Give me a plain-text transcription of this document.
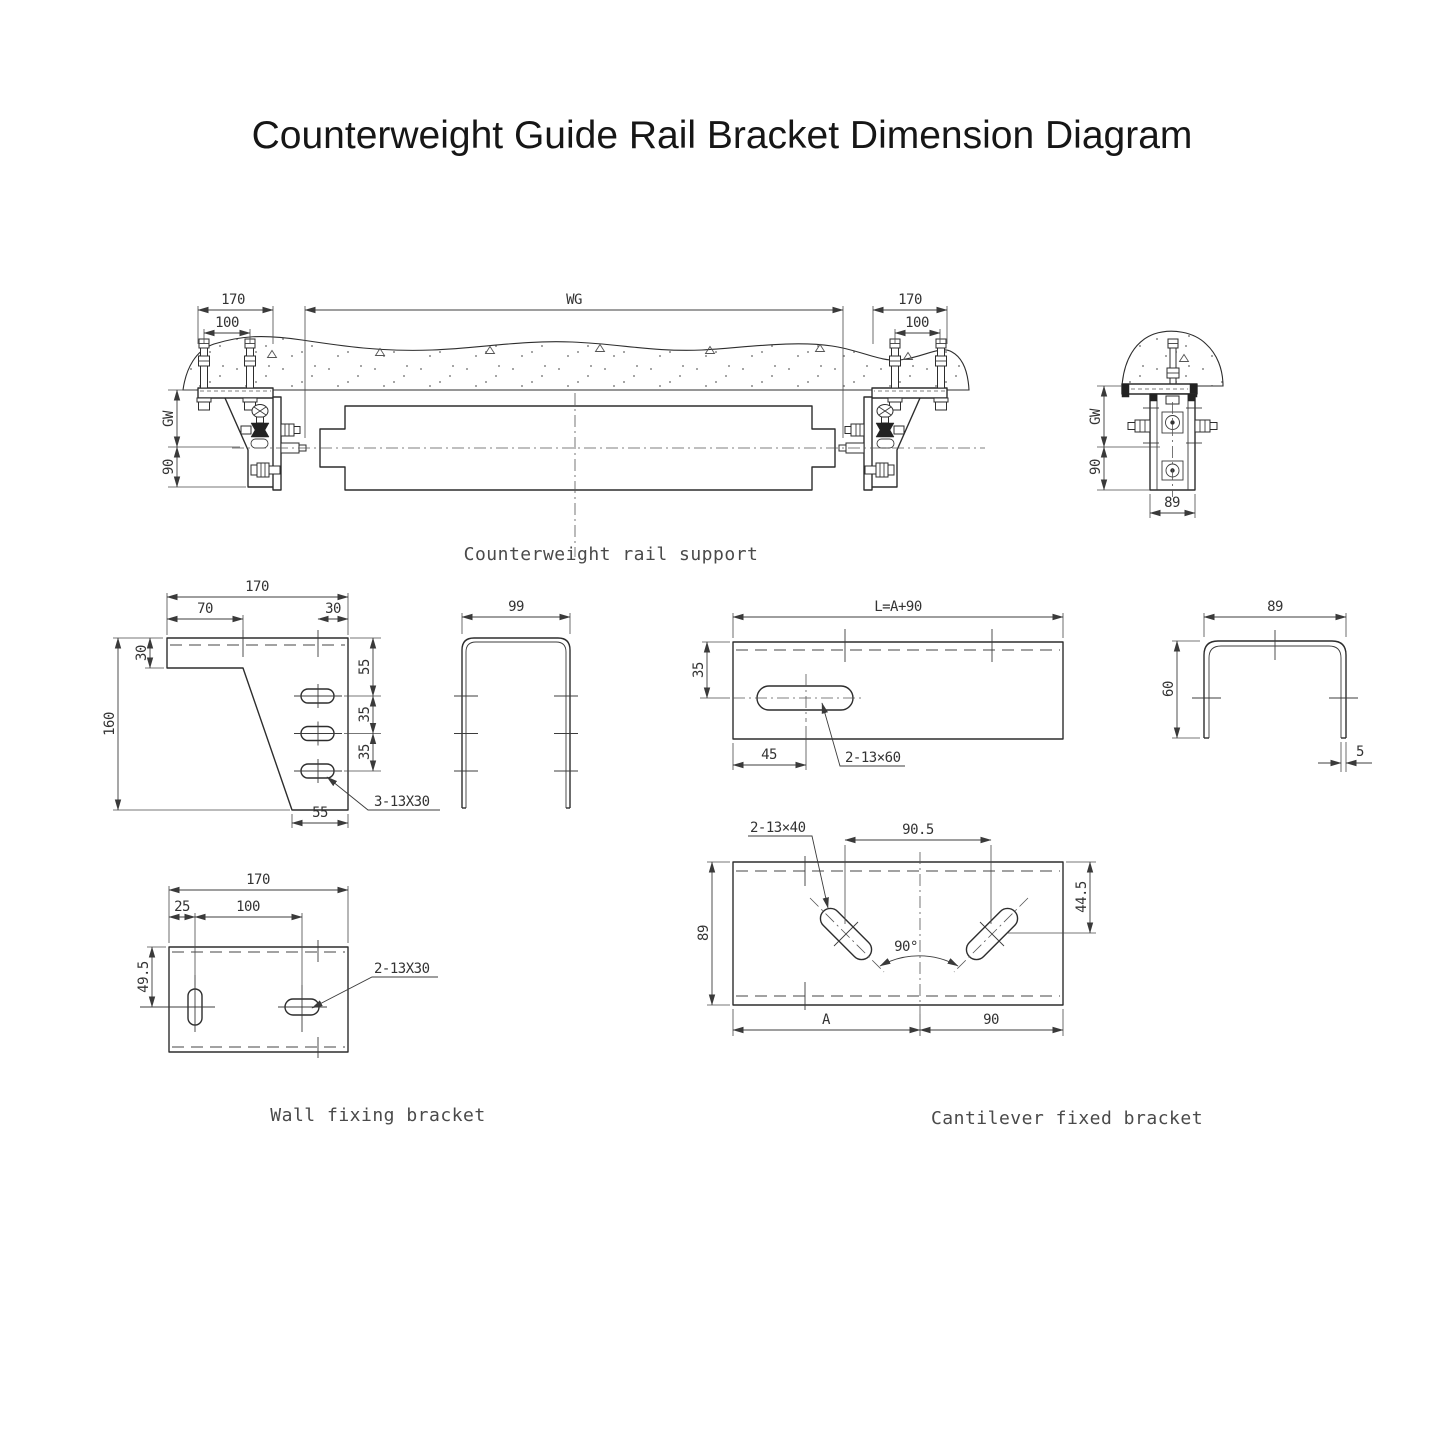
Counterweight Guide Rail Bracket Dimension Diagram
170
100
GW
90
WG	170
100
GW
90
89
Counterweight rail support
170
70	30
30
160
55
35
35
55
3-13X30
99	L=A+90
35
45	2-13×60
89
60
5
170
25	100
49.5	2-13X30
Wall fixing bracket
90°
90.5
89
44.5
A	90
2-13×40
Cantilever fixed bracket
